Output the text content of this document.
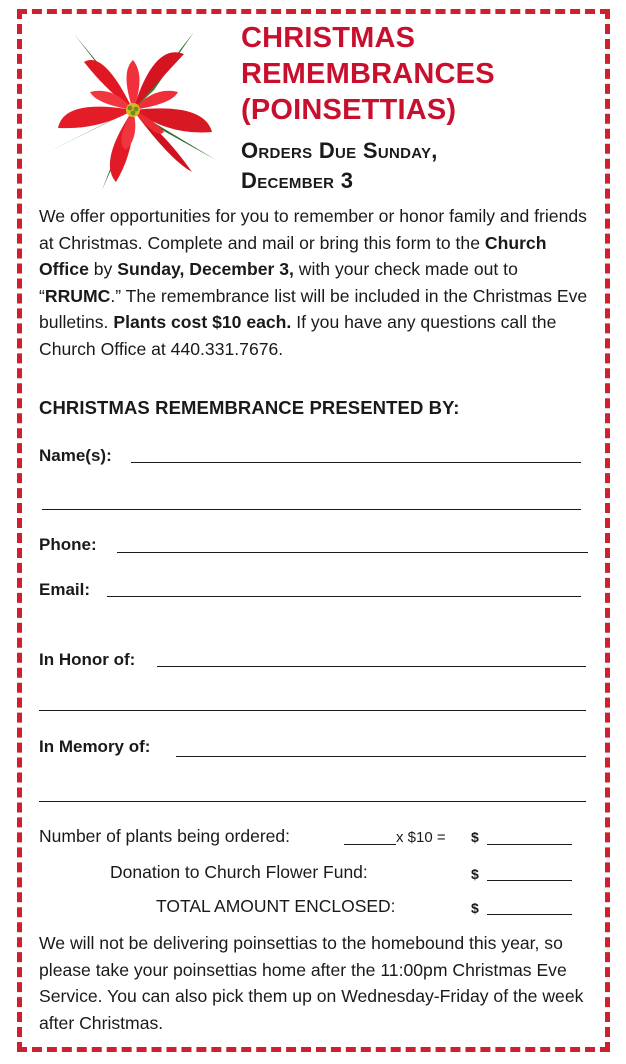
CHRISTMAS
REMEMBRANCES
(POINSETTIAS)
Orders Due Sunday,
December 3
We offer opportunities for you to remember or honor family and friends at Christmas. Complete and mail or bring this form to the Church Office by Sunday, December 3, with your check made out to “RRUMC.” The remembrance list will be included in the Christmas Eve bulletins. Plants cost $10 each. If you have any questions call the Church Office at 440.331.7676.
CHRISTMAS REMEMBRANCE PRESENTED BY:
Name(s):
Phone:
Email:
In Honor of:
In Memory of:
Number of plants being ordered:	x $10 = $
Donation to Church Flower Fund:	$
TOTAL AMOUNT ENCLOSED:	$
We will not be delivering poinsettias to the homebound this year, so please take your poinsettias home after the 11:00pm Christmas Eve Service. You can also pick them up on Wednesday-Friday of the week after Christmas.
